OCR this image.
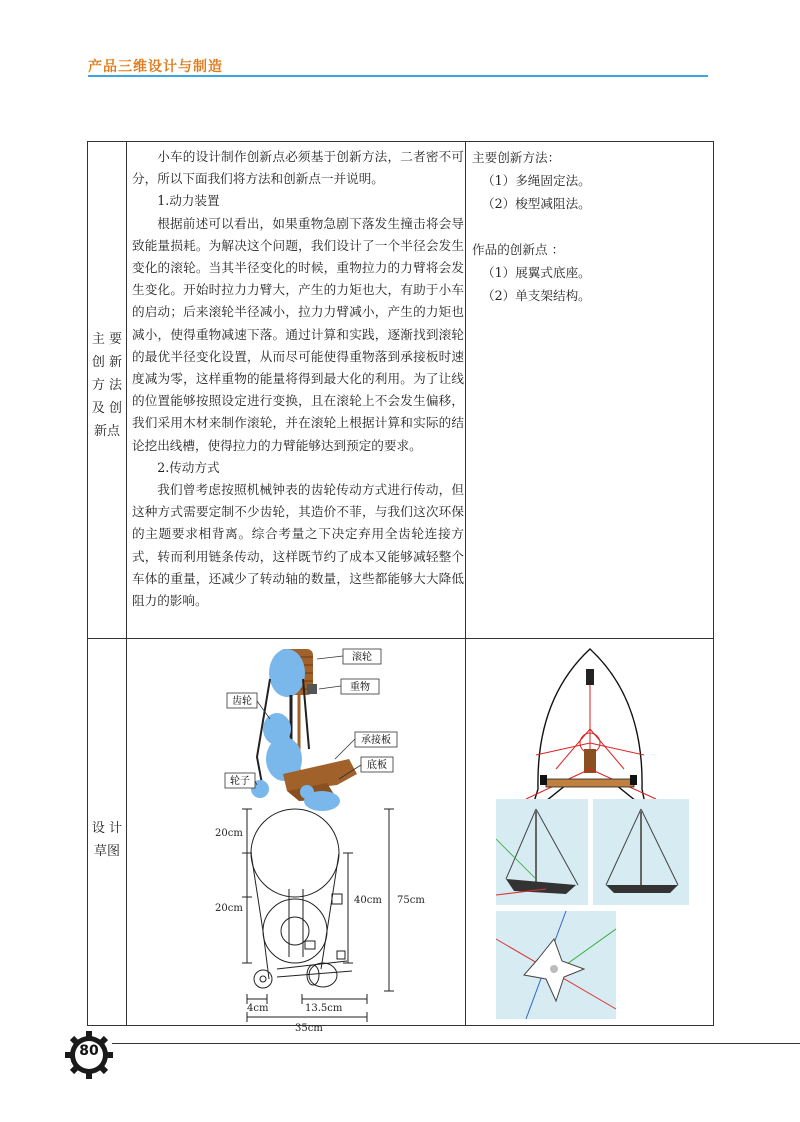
产品三维设计与制造
主 要
创 新
方 法
及 创
新点

小车的设计制作创新点必须基于创新方法，二者密不可分，所以下面我们将方法和创新点一并说明。

1.动力装置

根据前述可以看出，如果重物急剧下落发生撞击将会导致能量损耗。为解决这个问题，我们设计了一个半径会发生变化的滚轮。当其半径变化的时候，重物拉力的力臂将会发生变化。开始时拉力力臂大，产生的力矩也大，有助于小车的启动；后来滚轮半径减小，拉力力臂减小，产生的力矩也减小，使得重物减速下落。通过计算和实践，逐渐找到滚轮的最优半径变化设置，从而尽可能使得重物落到承接板时速度减为零，这样重物的能量将得到最大化的利用。为了让线的位置能够按照设定进行变换，且在滚轮上不会发生偏移，我们采用木材来制作滚轮，并在滚轮上根据计算和实际的结论挖出线槽，使得拉力的力臂能够达到预定的要求。

2.传动方式

我们曾考虑按照机械钟表的齿轮传动方式进行传动，但这种方式需要定制不少齿轮，其造价不菲，与我们这次环保的主题要求相背离。综合考量之下决定弃用全齿轮连接方式，转而利用链条传动，这样既节约了成本又能够减轻整个车体的重量，还减少了转动轴的数量，这些都能够大大降低阻力的影响。

主要创新方法：

（1）多绳固定法。

（2）梭型减阻法。

作品的创新点 ：

（1）展翼式底座。

（2）单支架结构。

设 计
草图
滚轮
重物
齿轮
承接板
底板
轮子
20cm
20cm
40cm 75cm
4cm	13.5cm
35cm
80
